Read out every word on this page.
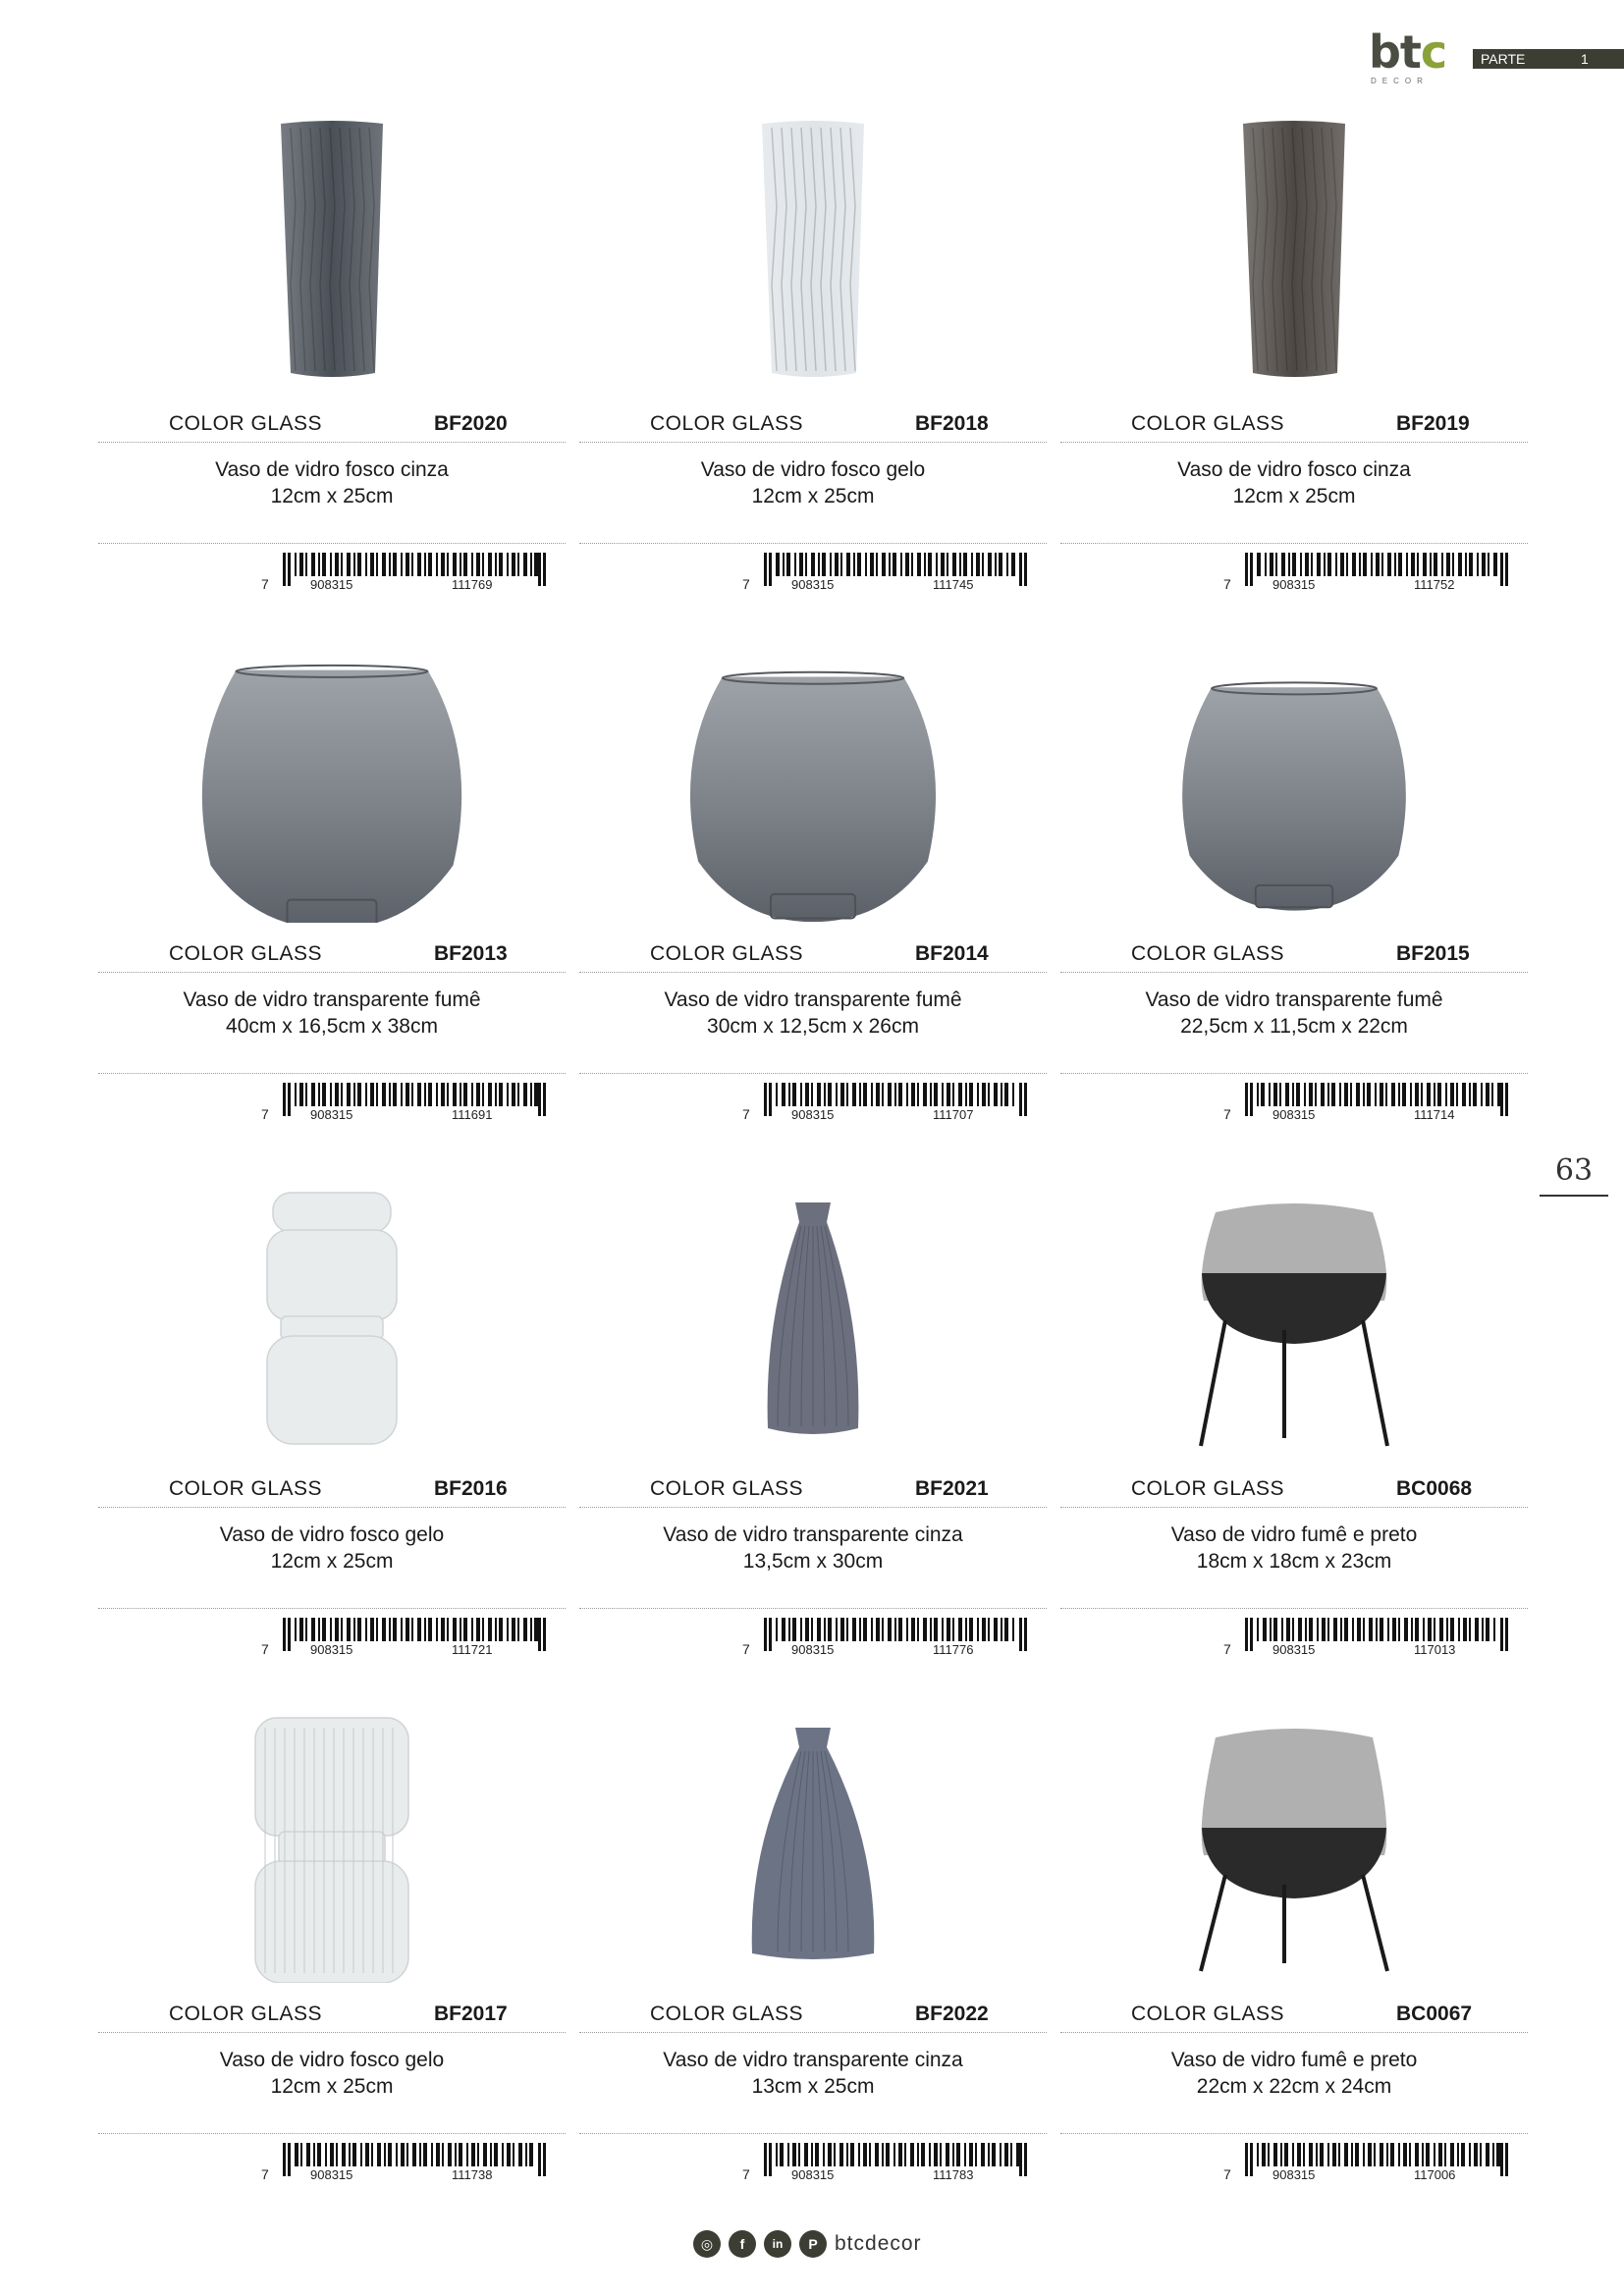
btc
DECOR
PARTE	1
63
COLOR GLASS	BF2020
Vaso de vidro fosco cinza
12cm x 25cm
7	908315	111769
COLOR GLASS	BF2018
Vaso de vidro fosco gelo
12cm x 25cm
7	908315	111745
COLOR GLASS	BF2019
Vaso de vidro fosco cinza
12cm x 25cm
7	908315	111752
COLOR GLASS	BF2013
Vaso de vidro transparente fumê
40cm x 16,5cm x 38cm
7	908315	111691
COLOR GLASS	BF2014
Vaso de vidro transparente fumê
30cm x 12,5cm x 26cm
7	908315	111707
COLOR GLASS	BF2015
Vaso de vidro transparente fumê
22,5cm x 11,5cm x 22cm
7	908315	111714
COLOR GLASS	BF2016
Vaso de vidro fosco gelo
12cm x 25cm
7	908315	111721
COLOR GLASS	BF2021
Vaso de vidro transparente cinza
13,5cm x 30cm
7	908315	111776
COLOR GLASS	BC0068
Vaso de vidro fumê e preto
18cm x 18cm x 23cm
7	908315	117013
COLOR GLASS	BF2017
Vaso de vidro fosco gelo
12cm x 25cm
7	908315	111738
COLOR GLASS	BF2022
Vaso de vidro transparente cinza
13cm x 25cm
7	908315	111783
COLOR GLASS	BC0067
Vaso de vidro fumê e preto
22cm x 22cm x 24cm
7	908315	117006
◎	f	in	P btcdecor
